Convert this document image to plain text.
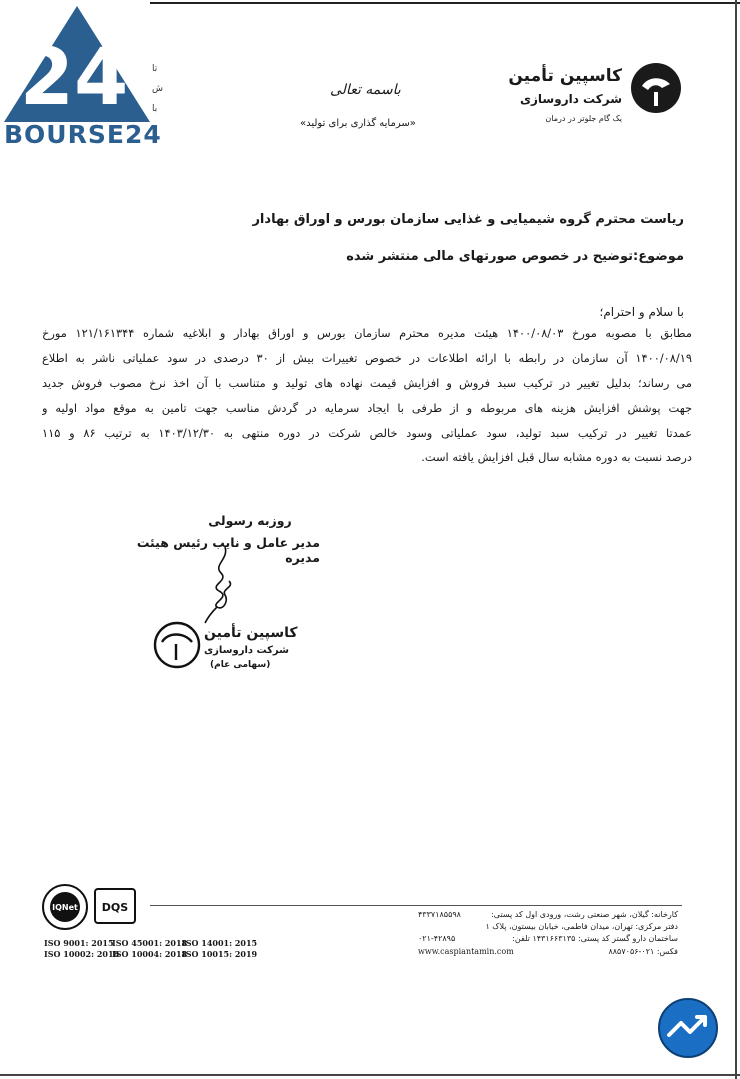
24
BOURSE24
تا
ش
با
کاسپین تأمین
شرکت داروسازی
یک گام جلوتر در درمان
باسمه تعالی
«سرمایه گذاری برای تولید»
ریاست محترم گروه شیمیایی و غذایی سازمان بورس و اوراق بهادار
موضوع:توضیح در خصوص صورتهای مالی منتشر شده
با سلام و احترام؛
مطابق با مصوبه مورخ ۱۴۰۰/۰۸/۰۳ هیئت مدیره محترم سازمان بورس و اوراق بهادار و ابلاغیه شماره ۱۲۱/۱۶۱۳۴۴ مورخ
۱۴۰۰/۰۸/۱۹ آن سازمان در رابطه با ارائه اطلاعات در خصوص تغییرات بیش از ۳۰ درصدی در سود عملیاتی ناشر به اطلاع
می رساند؛ بدلیل تغییر در ترکیب سبد فروش و افزایش قیمت نهاده های تولید و متناسب با آن اخذ نرخ مصوب فروش جدید
جهت پوشش افزایش هزینه های مربوطه و از طرفی با ایجاد سرمایه در گردش مناسب جهت تامین به موقع مواد اولیه و
عمدتا تغییر در ترکیب سبد تولید، سود عملیاتی وسود خالص شرکت در دوره منتهی به ۱۴۰۳/۱۲/۳۰ به ترتیب ۸۶ و ۱۱۵
درصد نسبت به دوره مشابه سال قبل افزایش یافته است.
روزبه رسولی
مدیر عامل و نایب رئیس هیئت مدیره
کاسپین تأمین
شرکت داروسازی
(سهامی عام)
IQNet DQS
ISO 9001: 2015
ISO 45001: 2018
ISO 14001: 2015
ISO 10002: 2018
ISO 10004: 2018
ISO 10015: 2019
کارخانه: گیلان، شهر صنعتی رشت، ورودی اول کد پستی:
۴۳۳۷۱۸۵۵۹۸
دفتر مرکزی: تهران، میدان فاطمی، خیابان بیستون، پلاک ۱
ساختمان دارو گستر کد پستی: ۱۴۳۱۶۶۳۱۳۵ تلفن:
۰۲۱-۴۲۸۹۵
www.caspiantamin.com	فکس: ۰۲۱-۸۸۵۷۰۵۶
